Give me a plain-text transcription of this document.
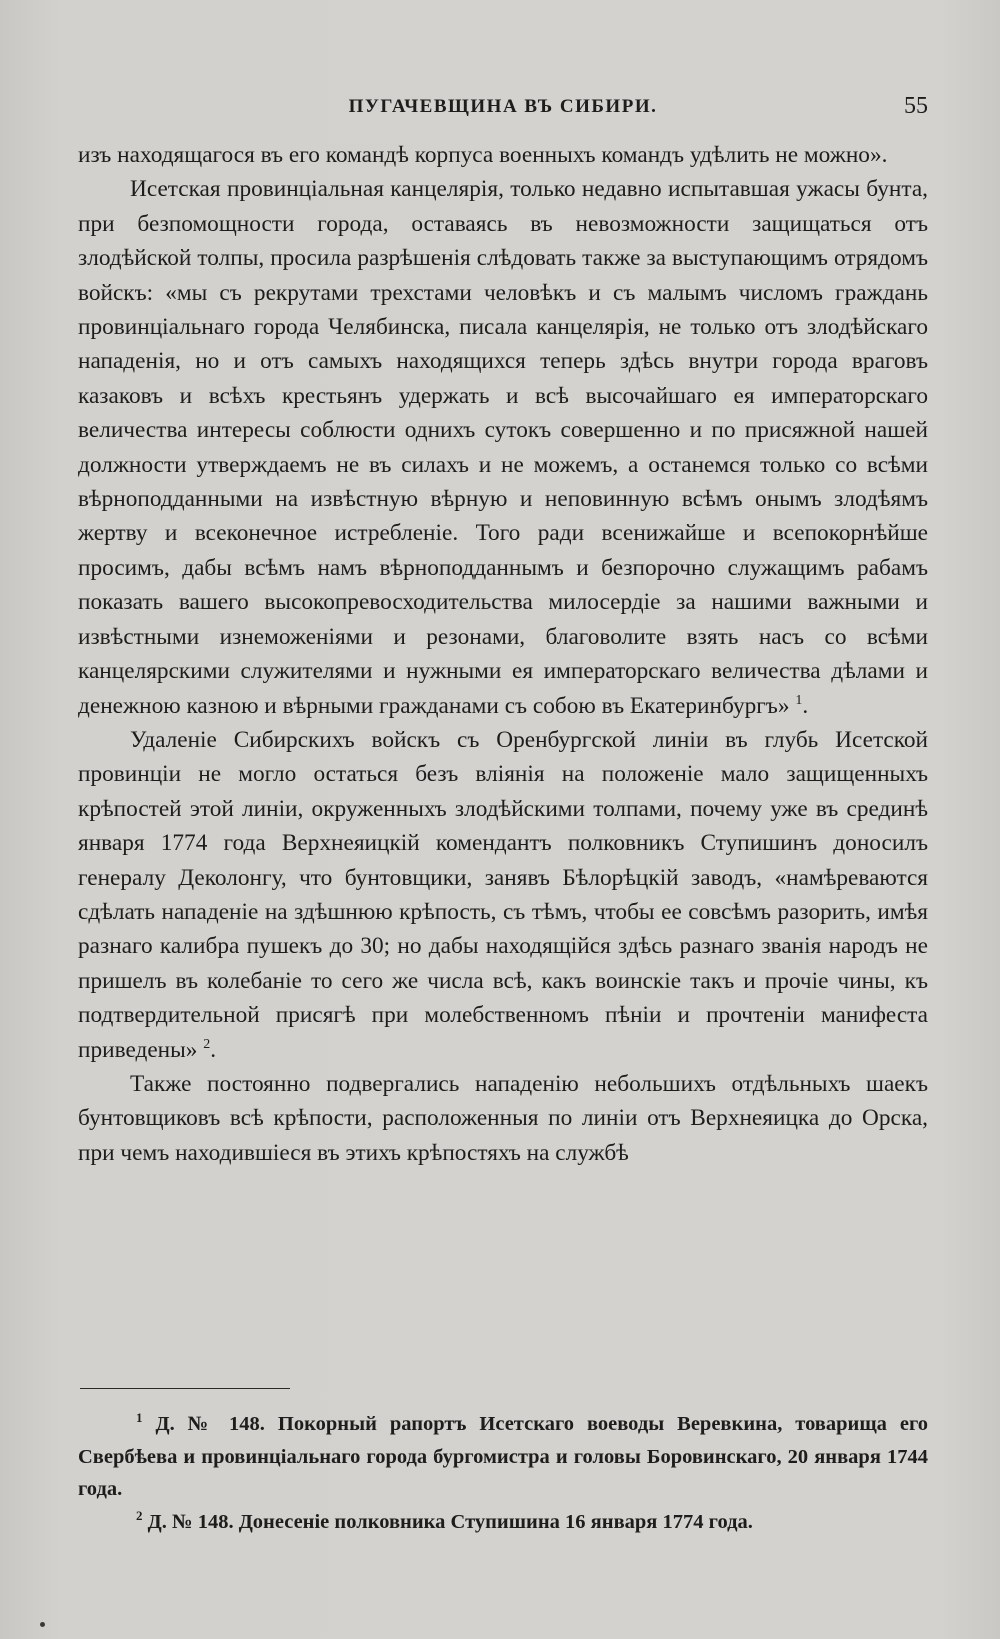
ПУГАЧЕВЩИНА ВЪ СИБИРИ.	55

изъ находящагося въ его командѣ корпуса военныхъ командъ удѣлить не можно».

Исетская провинціальная канцелярія, только недавно испытавшая ужасы бунта, при безпомощности города, оставаясь въ невозможности защищаться отъ злодѣйской толпы, просила разрѣшенія слѣдовать также за выступающимъ отрядомъ войскъ: «мы съ рекрутами трехстами человѣкъ и съ малымъ числомъ граждань провинціальнаго города Челябинска, писала канцелярія, не только отъ злодѣйскаго нападенія, но и отъ самыхъ находящихся теперь здѣсь внутри города враговъ казаковъ и всѣхъ крестьянъ удержать и всѣ высочайшаго ея императорскаго величества интересы соблюсти однихъ сутокъ совершенно и по присяжной нашей должности утверждаемъ не въ силахъ и не можемъ, а останемся только со всѣми вѣрноподданными на извѣстную вѣрную и неповинную всѣмъ онымъ злодѣямъ жертву и всеконечное истребленіе. Того ради всенижайше и всепокорнѣйше просимъ, дабы всѣмъ намъ вѣрноподданнымъ и безпорочно служащимъ рабамъ показать вашего высокопревосходительства милосердіе за нашими важными и извѣстными изнеможеніями и резонами, благоволите взять насъ со всѣми канцелярскими служителями и нужными ея императорскаго величества дѣлами и денежною казною и вѣрными гражданами съ собою въ Екатеринбургъ» $^1$.

Удаленіе Сибирскихъ войскъ съ Оренбургской линіи въ глубь Исетской провинціи не могло остаться безъ вліянія на положеніе мало защищенныхъ крѣпостей этой линіи, окруженныхъ злодѣйскими толпами, почему уже въ срединѣ января 1774 года Верхнеяицкій комендантъ полковникъ Ступишинъ доносилъ генералу Деколонгу, что бунтовщики, занявъ Бѣлорѣцкій заводъ, «намѣреваются сдѣлать нападеніе на здѣшнюю крѣпость, съ тѣмъ, чтобы ее совсѣмъ разорить, имѣя разнаго калибра пушекъ до 30; но дабы находящійся здѣсь разнаго званія народъ не пришелъ въ колебаніе то сего же числа всѣ, какъ воинскіе такъ и прочіе чины, къ подтвердительной присягѣ при молебственномъ пѣніи и прочтеніи манифеста приведены» $^2$.

Также постоянно подвергались нападенію небольшихъ отдѣльныхъ шаекъ бунтовщиковъ всѣ крѣпости, расположенныя по линіи отъ Верхнеяицка до Орска, при чемъ находившіеся въ этихъ крѣпостяхъ на службѣ

$^1$ Д. № 148. Покорный рапортъ Исетскаго воеводы Веревкина, товарища его Свербѣева и провинціальнаго города бургомистра и головы Боровинскаго, 20 января 1744 года.

$^2$ Д. № 148. Донесеніе полковника Ступишина 16 января 1774 года.
